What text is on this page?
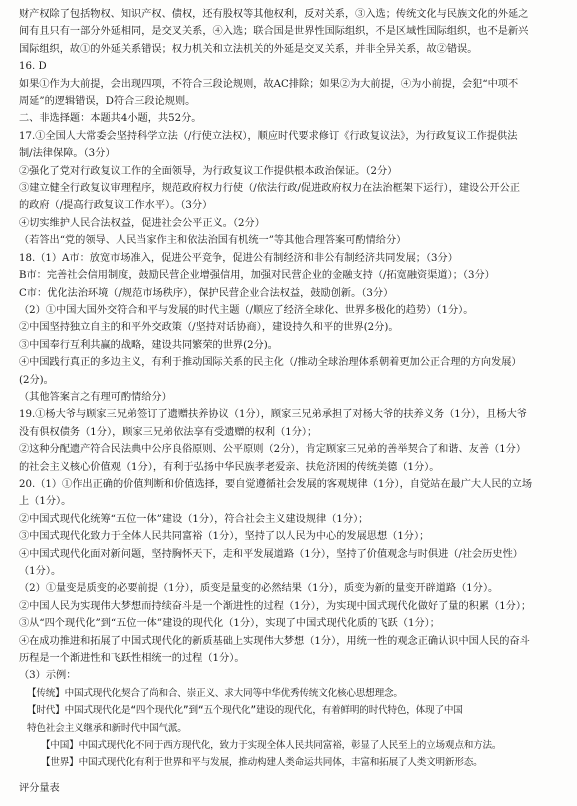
财产权除了包括物权、知识产权、债权，还有股权等其他权利，反对关系，③入选；传统文化与民族文化的外延之

间有且只有一部分外延相同，是交叉关系，④入选；联合国是世界性国际组织，不是区域性国际组织，也不是新兴

国际组织，故①的外延关系错误；权力机关和立法机关的外延是交叉关系，并非全异关系，故②错误。

16. D

如果①作为大前提，会出现四项，不符合三段论规则，故AC排除；如果②为大前提，④为小前提，会犯“中项不

周延”的逻辑错误，D符合三段论规则。

二、非选择题：本题共4小题，共52分。

17.①全国人大常委会坚持科学立法（/行使立法权），顺应时代要求修订《行政复议法》，为行政复议工作提供法

制/法律保障。（3分）

②强化了党对行政复议工作的全面领导，为行政复议工作提供根本政治保证。（2分）

③建立健全行政复议审理程序，规范政府权力行使（/依法行政/促进政府权力在法治框架下运行），建设公开公正

的政府（/提高行政复议工作水平）。（3分）

④切实维护人民合法权益，促进社会公平正义。（2分）

（若答出“党的领导、人民当家作主和依法治国有机统一”等其他合理答案可酌情给分）

18.（1）A市：放宽市场准入，促进公平竞争，促进公有制经济和非公有制经济共同发展；（3分）

B市：完善社会信用制度，鼓励民营企业增强信用，加强对民营企业的金融支持（/拓宽融资渠道）；（3分）

C市：优化法治环境（/规范市场秩序），保护民营企业合法权益，鼓励创新。（3分）

（2）①中国大国外交符合和平与发展的时代主题（/顺应了经济全球化、世界多极化的趋势）（1分）。

②中国坚持独立自主的和平外交政策（/坚持对话协商），建设持久和平的世界(2分)。

③中国奉行互利共赢的战略，建设共同繁荣的世界(2分)。

④中国践行真正的多边主义，有利于推动国际关系的民主化（/推动全球治理体系朝着更加公正合理的方向发展）

(2分)。

（其他答案言之有理可酌情给分）

19.①杨大爷与顾家三兄弟签订了遗赠扶养协议（1分），顾家三兄弟承担了对杨大爷的扶养义务（1分），且杨大爷

没有俱权债务（1分），顾家三兄弟依法享有受遗赠的权利（1分）；

②这种分配遗产符合民法典中公序良俗原则、公平原则（2分），肯定顾家三兄弟的善举契合了和谐、友善（1分）

的社会主义核心价值观（1分），有利于弘扬中华民族孝老爱亲、扶危济困的传统美德（1分）。

20.（1）①作出正确的价值判断和价值选择，要自觉遵循社会发展的客观规律（1分），自觉站在最广大人民的立场

上（1分）。

②中国式现代化统筹“五位一体”建设（1分），符合社会主义建设规律（1分）；

③中国式现代化致力于全体人民共同富裕（1分），坚持了以人民为中心的发展思想（1分）；

④中国式现代化面对新问题，坚持胸怀天下，走和平发展道路（1分），坚持了价值观念与时俱进（/社会历史性）

（1分）。

（2）①量变是质变的必要前提（1分），质变是量变的必然结果（1分），质变为新的量变开辟道路（1分）。

②中国人民为实现伟大梦想而持续奋斗是一个渐进性的过程（1分），为实现中国式现代化做好了量的积累（1分）；

③从“四个现代化”到“五位一体”建设的现代化（1分），实现了中国式现代化质的飞跃（1分）；

④在成功推进和拓展了中国式现代化的新质基础上实现伟大梦想（1分），用统一性的观念正确认识中国人民的奋斗

历程是一个渐进性和飞跃性相统一的过程（1分）。

（3）示例：

【传统】中国式现代化契合了尚和合、崇正义、求大同等中华优秀传统文化核心思想理念。

【时代】中国式现代化是“四个现代化”到“五个现代化”建设的现代化，有着鲜明的时代特色，体现了中国

特色社会主义继承和新时代中国气派。

【中国】中国式现代化不同于西方现代化，致力于实现全体人民共同富裕，彰显了人民至上的立场观点和方法。

【世界】中国式现代化有利于世界和平与发展，推动构建人类命运共同体，丰富和拓展了人类文明新形态。

评分量表
